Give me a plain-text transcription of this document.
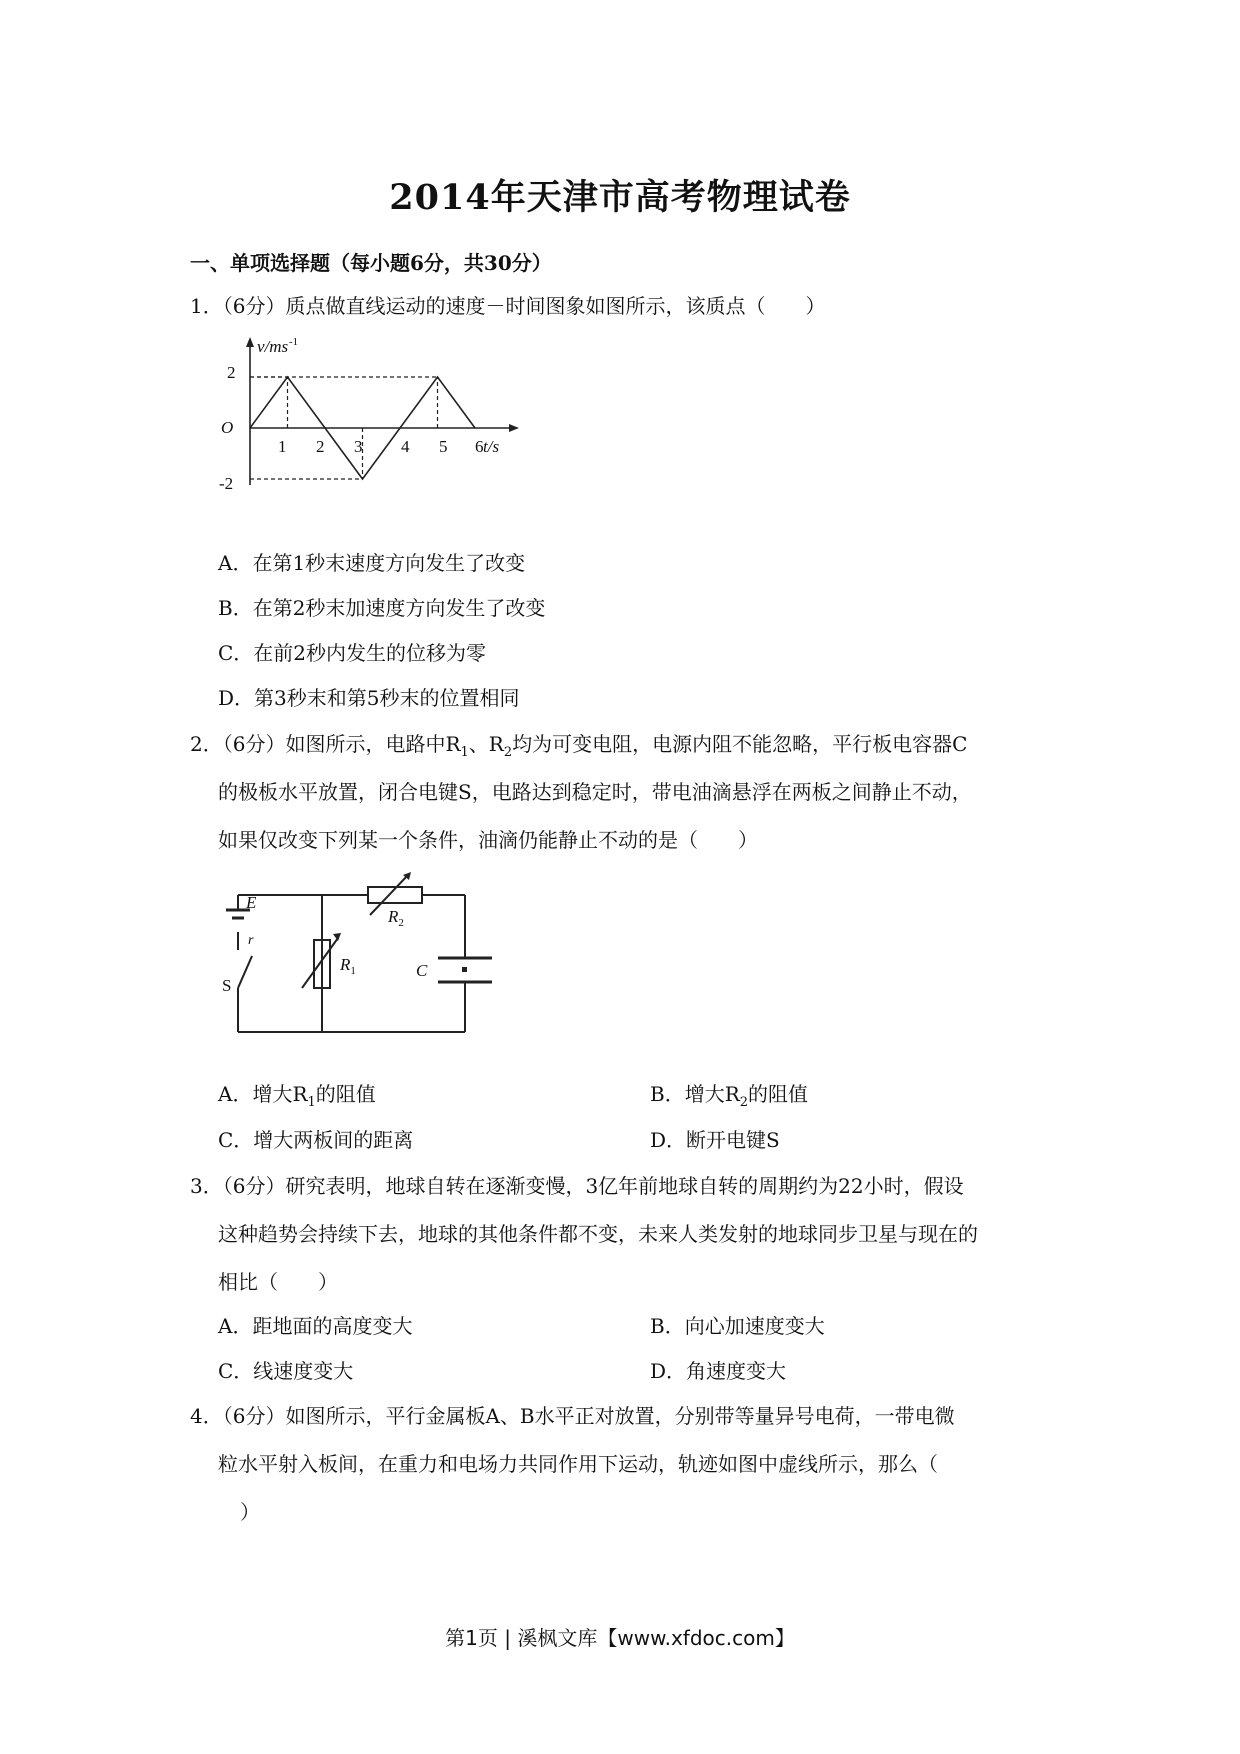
2014年天津市高考物理试卷
一、单项选择题（每小题6分，共30分）
1．（6分）质点做直线运动的速度－时间图象如图所示，该质点（　　）
v/ms -1
t/s
O
2
-2
1 2 3 4 5 6
A．在第1秒末速度方向发生了改变
B．在第2秒末加速度方向发生了改变
C．在前2秒内发生的位移为零
D．第3秒末和第5秒末的位置相同
2．（6分）如图所示，电路中$R_1$、$R_2$均为可变电阻，电源内阻不能忽略，平行板电容器C
的极板水平放置，闭合电键S，电路达到稳定时，带电油滴悬浮在两板之间静止不动，
如果仅改变下列某一个条件，油滴仍能静止不动的是（　　）
E
r
$R_1$
$R_2$
C
S
A．增大$R_1$的阻值	B．增大$R_2$的阻值
C．增大两板间的距离	D．断开电键S
3．（6分）研究表明，地球自转在逐渐变慢，3亿年前地球自转的周期约为22小时，假设
这种趋势会持续下去，地球的其他条件都不变，未来人类发射的地球同步卫星与现在的
相比（　　）
A．距地面的高度变大	B．向心加速度变大
C．线速度变大	D．角速度变大
4．（6分）如图所示，平行金属板A、B水平正对放置，分别带等量异号电荷，一带电微
粒水平射入板间，在重力和电场力共同作用下运动，轨迹如图中虚线所示，那么（
）
第1页 | 溪枫文库【www.xfdoc.com】
